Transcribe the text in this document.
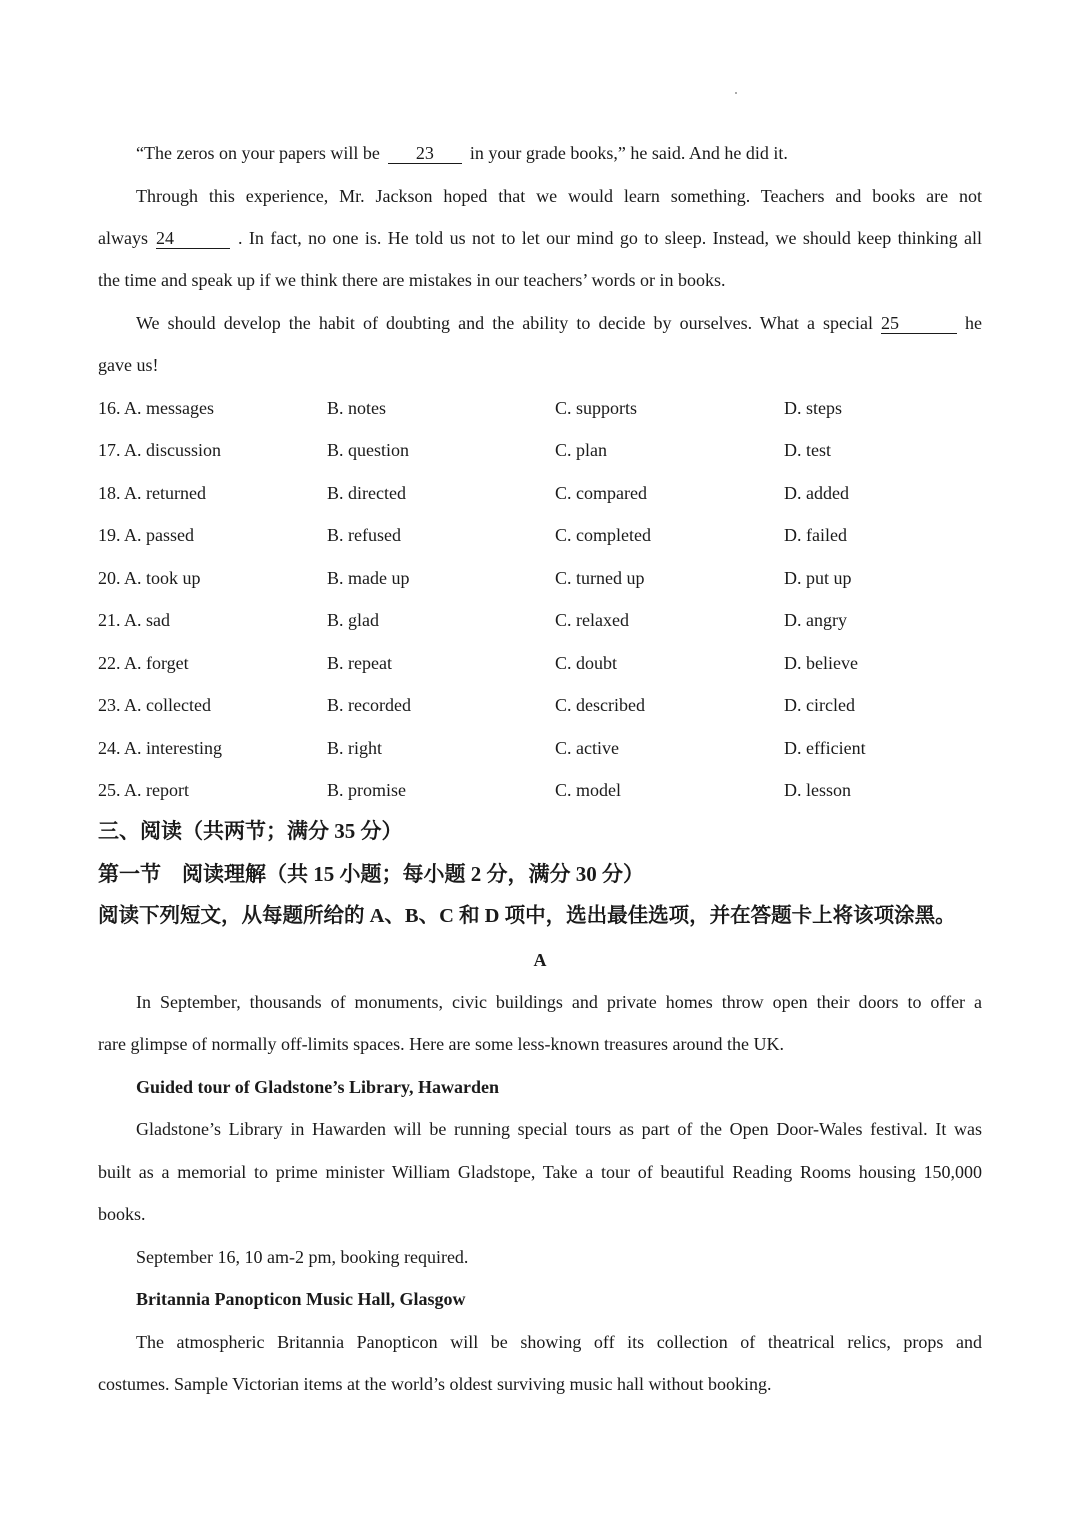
“The zeros on your papers will be 23 in your grade books,” he said. And he did it.
Through this experience, Mr. Jackson hoped that we would learn something. Teachers and books are not
always 24	. In fact, no one is. He told us not to let our mind go to sleep. Instead, we should keep thinking all
the time and speak up if we think there are mistakes in our teachers’ words or in books.
We should develop the habit of doubting and the ability to decide by ourselves. What a special 25	he
gave us!
16. A. messages	B. notes	C. supports	D. steps
17. A. discussion	B. question	C. plan	D. test
18. A. returned	B. directed	C. compared	D. added
19. A. passed	B. refused	C. completed	D. failed
20. A. took up	B. made up	C. turned up	D. put up
21. A. sad	B. glad	C. relaxed	D. angry
22. A. forget	B. repeat	C. doubt	D. believe
23. A. collected	B. recorded	C. described	D. circled
24. A. interesting	B. right	C. active	D. efficient
25. A. report	B. promise	C. model	D. lesson
三、阅读（共两节；满分 35 分）
第一节　阅读理解（共 15 小题；每小题 2 分，满分 30 分）
阅读下列短文，从每题所给的 A、B、C 和 D 项中，选出最佳选项，并在答题卡上将该项涂黑。
A
In September, thousands of monuments, civic buildings and private homes throw open their doors to offer a
rare glimpse of normally off-limits spaces. Here are some less-known treasures around the UK.
Guided tour of Gladstone’s Library, Hawarden
Gladstone’s Library in Hawarden will be running special tours as part of the Open Door-Wales festival. It was
built as a memorial to prime minister William Gladstope, Take a tour of beautiful Reading Rooms housing 150,000
books.
September 16, 10 am-2 pm, booking required.
Britannia Panopticon Music Hall, Glasgow
The atmospheric Britannia Panopticon will be showing off its collection of theatrical relics, props and
costumes. Sample Victorian items at the world’s oldest surviving music hall without booking.
